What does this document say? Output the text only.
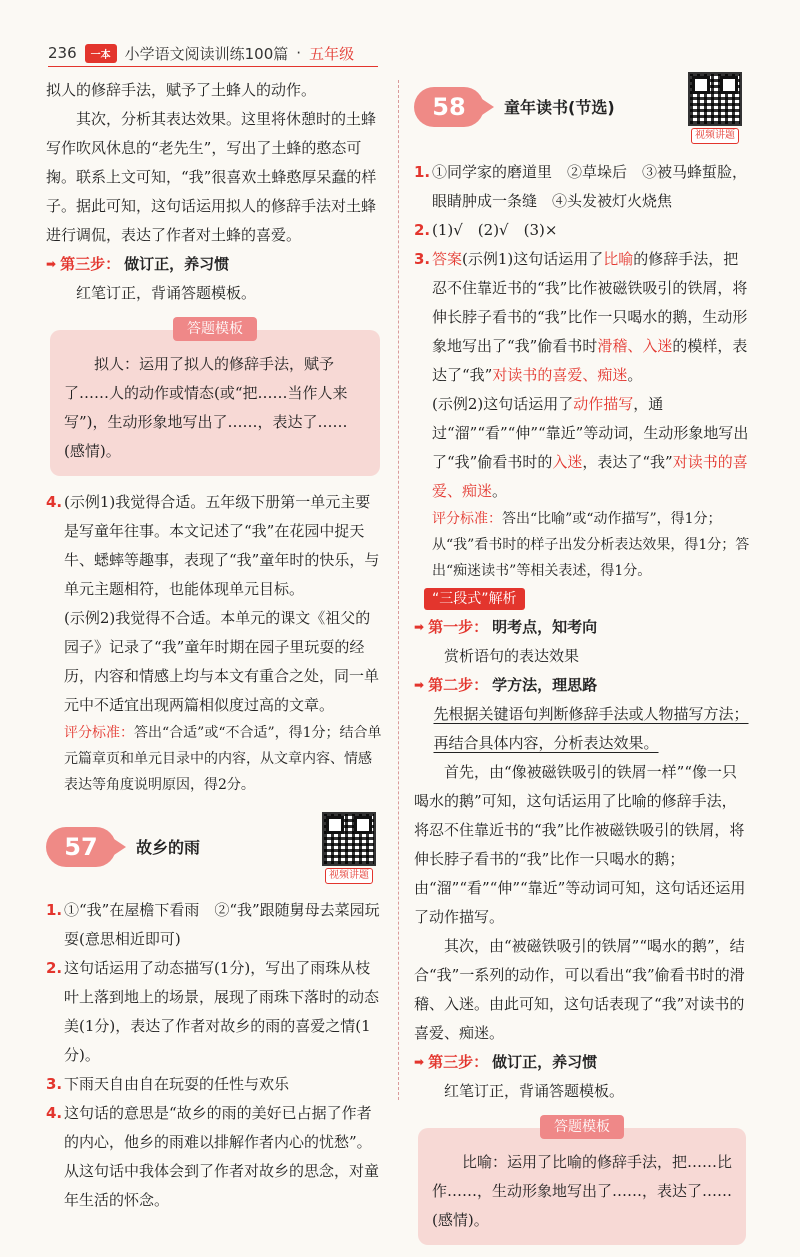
236	一本 小学语文阅读训练100篇 · 五年级

拟人的修辞手法，赋予了土蜂人的动作。

其次，分析其表达效果。这里将休憩时的土蜂写作吹风休息的“老先生”，写出了土蜂的憨态可掬。联系上文可知，“我”很喜欢土蜂憨厚呆蠢的样子。据此可知，这句话运用拟人的修辞手法对土蜂进行调侃，表达了作者对土蜂的喜爱。

➡ 第三步： 做订正，养习惯

红笔订正，背诵答题模板。

答题模板

拟人：运用了拟人的修辞手法，赋予了……人的动作或情态(或“把……当作人来写”)，生动形象地写出了……，表达了……(感情)。

4. (示例1)我觉得合适。五年级下册第一单元主要是写童年往事。本文记述了“我”在花园中捉天牛、蟋蟀等趣事，表现了“我”童年时的快乐，与单元主题相符，也能体现单元目标。

(示例2)我觉得不合适。本单元的课文《祖父的园子》记录了“我”童年时期在园子里玩耍的经历，内容和情感上均与本文有重合之处，同一单元中不适宜出现两篇相似度过高的文章。

评分标准：答出“合适”或“不合适”，得1分；结合单元篇章页和单元目录中的内容，从文章内容、情感表达等角度说明原因，得2分。

57	故乡的雨
视频讲题
1. ①“我”在屋檐下看雨　②“我”跟随舅母去菜园玩耍(意思相近即可)
2. 这句话运用了动态描写(1分)，写出了雨珠从枝叶上落到地上的场景，展现了雨珠下落时的动态美(1分)，表达了作者对故乡的雨的喜爱之情(1分)。
3. 下雨天自由自在玩耍的任性与欢乐
4. 这句话的意思是“故乡的雨的美好已占据了作者的内心，他乡的雨难以排解作者内心的忧愁”。从这句话中我体会到了作者对故乡的思念，对童年生活的怀念。
58	童年读书(节选)
视频讲题
1. ①同学家的磨道里　②草垛后　③被马蜂蜇脸，眼睛肿成一条缝　④头发被灯火烧焦
2. (1)√　(2)√　(3)×
3. 答案(示例1)这句话运用了比喻的修辞手法，把忍不住靠近书的“我”比作被磁铁吸引的铁屑，将伸长脖子看书的“我”比作一只喝水的鹅，生动形象地写出了“我”偷看书时滑稽、入迷的模样，表达了“我”对读书的喜爱、痴迷。

(示例2)这句话运用了动作描写，通过“溜”“看”“伸”“靠近”等动词，生动形象地写出了“我”偷看书时的入迷，表达了“我”对读书的喜爱、痴迷。

评分标准：答出“比喻”或“动作描写”，得1分；从“我”看书时的样子出发分析表达效果，得1分；答出“痴迷读书”等相关表述，得1分。

“三段式”解析
➡ 第一步： 明考点，知考向

赏析语句的表达效果

➡ 第二步： 学方法，理思路

先根据关键语句判断修辞手法或人物描写方法；再结合具体内容，分析表达效果。

首先，由“像被磁铁吸引的铁屑一样”“像一只喝水的鹅”可知，这句话运用了比喻的修辞手法，将忍不住靠近书的“我”比作被磁铁吸引的铁屑，将伸长脖子看书的“我”比作一只喝水的鹅；由“溜”“看”“伸”“靠近”等动词可知，这句话还运用了动作描写。

其次，由“被磁铁吸引的铁屑”“喝水的鹅”，结合“我”一系列的动作，可以看出“我”偷看书时的滑稽、入迷。由此可知，这句话表现了“我”对读书的喜爱、痴迷。

➡ 第三步： 做订正，养习惯

红笔订正，背诵答题模板。

答题模板

比喻：运用了比喻的修辞手法，把……比作……，生动形象地写出了……，表达了……(感情)。
